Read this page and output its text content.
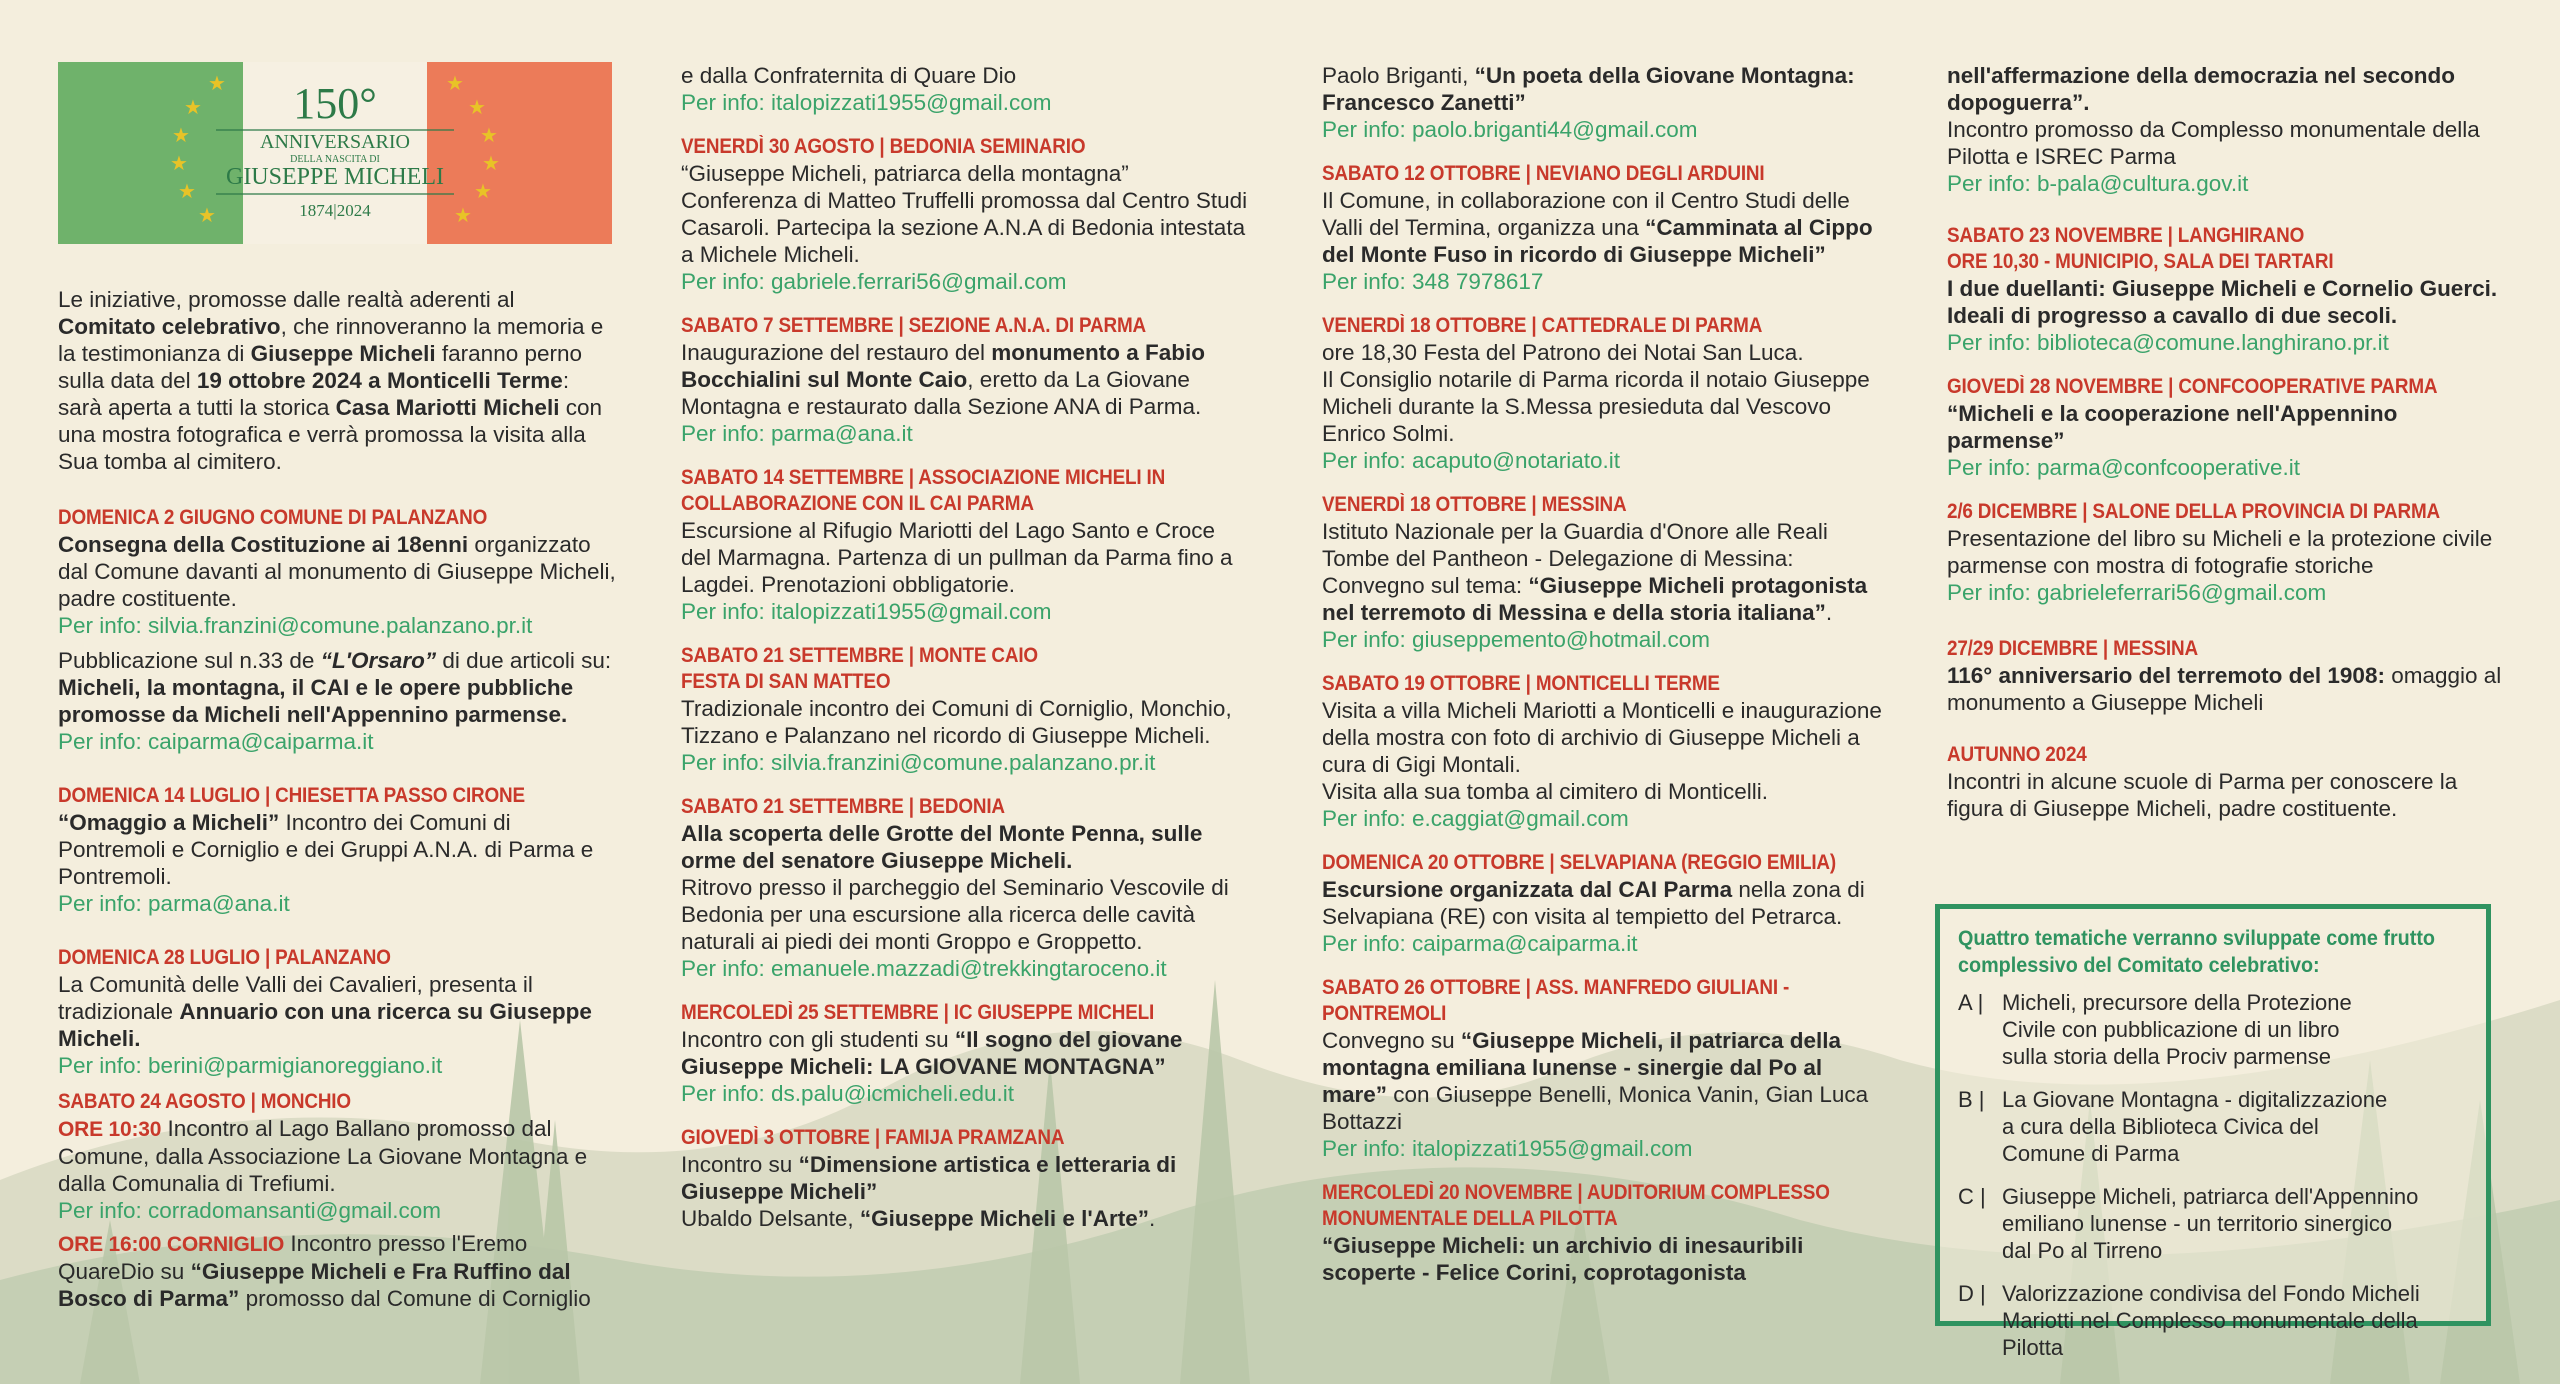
★
★
★
★
★
★
★
★
★
★
★
★
150°
ANNIVERSARIO
DELLA NASCITA DI
GIUSEPPE MICHELI
1874|2024
Le iniziative, promosse dalle realtà aderenti al Comitato celebrativo, che rinnoveranno la memoria e la testimonianza di Giuseppe Micheli faranno perno sulla data del 19 ottobre 2024 a Monticelli Terme: sarà aperta a tutti la storica Casa Mariotti Micheli con una mostra fotografica e verrà promossa la visita alla Sua tomba al cimitero.
DOMENICA 2 GIUGNO COMUNE DI PALANZANO
Consegna della Costituzione ai 18enni organizzato dal Comune davanti al monumento di Giuseppe Micheli, padre costituente.
Per info: silvia.franzini@comune.palanzano.pr.it
Pubblicazione sul n.33 de “L'Orsaro” di due articoli su: Micheli, la montagna, il CAI e le opere pubbliche promosse da Micheli nell'Appennino parmense.
Per info: caiparma@caiparma.it
DOMENICA 14 LUGLIO | CHIESETTA PASSO CIRONE
“Omaggio a Micheli” Incontro dei Comuni di Pontremoli e Corniglio e dei Gruppi A.N.A. di Parma e Pontremoli.
Per info: parma@ana.it
DOMENICA 28 LUGLIO | PALANZANO
La Comunità delle Valli dei Cavalieri, presenta il tradizionale Annuario con una ricerca su Giuseppe Micheli.
Per info: berini@parmigianoreggiano.it
SABATO 24 AGOSTO | MONCHIO
ORE 10:30 Incontro al Lago Ballano promosso dal Comune, dalla Associazione La Giovane Montagna e dalla Comunalia di Trefiumi.
Per info: corradomansanti@gmail.com
ORE 16:00 CORNIGLIO Incontro presso l'Eremo QuareDio su “Giuseppe Micheli e Fra Ruffino dal Bosco di Parma” promosso dal Comune di Corniglio
e dalla Confraternita di Quare Dio
Per info: italopizzati1955@gmail.com
VENERDÌ 30 AGOSTO | BEDONIA SEMINARIO
“Giuseppe Micheli, patriarca della montagna”
Conferenza di Matteo Truffelli promossa dal Centro Studi Casaroli. Partecipa la sezione A.N.A di Bedonia intestata a Michele Micheli.
Per info: gabriele.ferrari56@gmail.com
SABATO 7 SETTEMBRE | SEZIONE A.N.A. DI PARMA
Inaugurazione del restauro del monumento a Fabio Bocchialini sul Monte Caio, eretto da La Giovane Montagna e restaurato dalla Sezione ANA di Parma.
Per info: parma@ana.it
SABATO 14 SETTEMBRE | ASSOCIAZIONE MICHELI IN
COLLABORAZIONE CON IL CAI PARMA
Escursione al Rifugio Mariotti del Lago Santo e Croce del Marmagna. Partenza di un pullman da Parma fino a Lagdei. Prenotazioni obbligatorie.
Per info: italopizzati1955@gmail.com
SABATO 21 SETTEMBRE | MONTE CAIO
FESTA DI SAN MATTEO
Tradizionale incontro dei Comuni di Corniglio, Monchio, Tizzano e Palanzano nel ricordo di Giuseppe Micheli.
Per info: silvia.franzini@comune.palanzano.pr.it
SABATO 21 SETTEMBRE | BEDONIA
Alla scoperta delle Grotte del Monte Penna, sulle orme del senatore Giuseppe Micheli.
Ritrovo presso il parcheggio del Seminario Vescovile di Bedonia per una escursione alla ricerca delle cavità naturali ai piedi dei monti Groppo e Groppetto.
Per info: emanuele.mazzadi@trekkingtaroceno.it
MERCOLEDÌ 25 SETTEMBRE | IC GIUSEPPE MICHELI
Incontro con gli studenti su “Il sogno del giovane Giuseppe Micheli: LA GIOVANE MONTAGNA”
Per info: ds.palu@icmicheli.edu.it
GIOVEDÌ 3 OTTOBRE | FAMIJA PRAMZANA
Incontro su “Dimensione artistica e letteraria di Giuseppe Micheli”
Ubaldo Delsante, “Giuseppe Micheli e l'Arte”.
Paolo Briganti, “Un poeta della Giovane Montagna: Francesco Zanetti”
Per info: paolo.briganti44@gmail.com
SABATO 12 OTTOBRE | NEVIANO DEGLI ARDUINI
Il Comune, in collaborazione con il Centro Studi delle Valli del Termina, organizza una “Camminata al Cippo del Monte Fuso in ricordo di Giuseppe Micheli”
Per info: 348 7978617
VENERDÌ 18 OTTOBRE | CATTEDRALE DI PARMA
ore 18,30 Festa del Patrono dei Notai San Luca.
Il Consiglio notarile di Parma ricorda il notaio Giuseppe Micheli durante la S.Messa presieduta dal Vescovo Enrico Solmi.
Per info: acaputo@notariato.it
VENERDÌ 18 OTTOBRE | MESSINA
Istituto Nazionale per la Guardia d'Onore alle Reali Tombe del Pantheon - Delegazione di Messina: Convegno sul tema: “Giuseppe Micheli protagonista nel terremoto di Messina e della storia italiana”.
Per info: giuseppemento@hotmail.com
SABATO 19 OTTOBRE | MONTICELLI TERME
Visita a villa Micheli Mariotti a Monticelli e inaugurazione della mostra con foto di archivio di Giuseppe Micheli a cura di Gigi Montali.
Visita alla sua tomba al cimitero di Monticelli.
Per info: e.caggiat@gmail.com
DOMENICA 20 OTTOBRE | SELVAPIANA (REGGIO EMILIA)
Escursione organizzata dal CAI Parma nella zona di Selvapiana (RE) con visita al tempietto del Petrarca.
Per info: caiparma@caiparma.it
SABATO 26 OTTOBRE | ASS. MANFREDO GIULIANI -
PONTREMOLI
Convegno su “Giuseppe Micheli, il patriarca della montagna emiliana lunense - sinergie dal Po al mare” con Giuseppe Benelli, Monica Vanin, Gian Luca Bottazzi
Per info: italopizzati1955@gmail.com
MERCOLEDÌ 20 NOVEMBRE | AUDITORIUM COMPLESSO
MONUMENTALE DELLA PILOTTA
“Giuseppe Micheli: un archivio di inesauribili scoperte - Felice Corini, coprotagonista
nell'affermazione della democrazia nel secondo dopoguerra”.
Incontro promosso da Complesso monumentale della Pilotta e ISREC Parma
Per info: b-pala@cultura.gov.it
SABATO 23 NOVEMBRE | LANGHIRANO
ORE 10,30 - MUNICIPIO, SALA DEI TARTARI
I due duellanti: Giuseppe Micheli e Cornelio Guerci. Ideali di progresso a cavallo di due secoli.
Per info: biblioteca@comune.langhirano.pr.it
GIOVEDÌ 28 NOVEMBRE | CONFCOOPERATIVE PARMA
“Micheli e la cooperazione nell'Appennino parmense”
Per info: parma@confcooperative.it
2/6 DICEMBRE | SALONE DELLA PROVINCIA DI PARMA
Presentazione del libro su Micheli e la protezione civile parmense con mostra di fotografie storiche
Per info: gabrieleferrari56@gmail.com
27/29 DICEMBRE | MESSINA
116° anniversario del terremoto del 1908: omaggio al monumento a Giuseppe Micheli
AUTUNNO 2024
Incontri in alcune scuole di Parma per conoscere la figura di Giuseppe Micheli, padre costituente.
Quattro tematiche verranno sviluppate come frutto
complessivo del Comitato celebrativo:
A | Micheli, precursore della Protezione
Civile con pubblicazione di un libro
sulla storia della Prociv parmense
B | La Giovane Montagna - digitalizzazione
a cura della Biblioteca Civica del
Comune di Parma
C | Giuseppe Micheli, patriarca dell'Appennino
emiliano lunense - un territorio sinergico
dal Po al Tirreno
D | Valorizzazione condivisa del Fondo Micheli
Mariotti nel Complesso monumentale della Pilotta
